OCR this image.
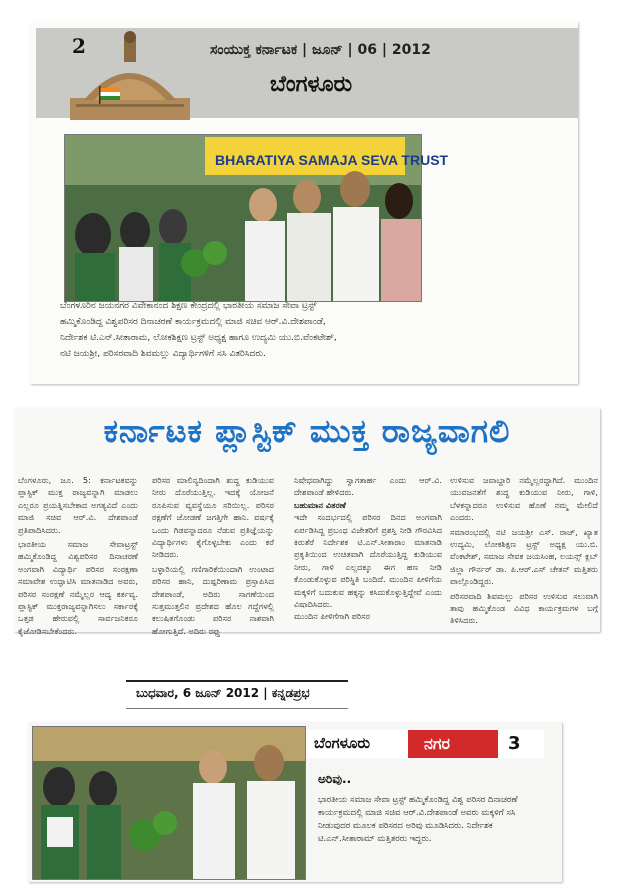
2	ಸಂಯುಕ್ತ ಕರ್ನಾಟಕ | ಜೂನ್ | 06 | 2012
ಬೆಂಗಳೂರು
BHARATIYA SAMAJA SEVA TRUST
ಬೆಂಗಳೂರಿನ ಜಯನಗರ ವಿವೇಕಾನಂದ ಶಿಕ್ಷಣ ಕೇಂದ್ರದಲ್ಲಿ ಭಾರತೀಯ ಸಮಾಜ ಸೇವಾ ಟ್ರಸ್ಟ್
ಹಮ್ಮಿಕೊಂಡಿದ್ದ ವಿಶ್ವಪರಿಸರ ದಿನಾಚರಣೆ ಕಾರ್ಯಕ್ರಮದಲ್ಲಿ ಮಾಜಿ ಸಚಿವ ಆರ್.ವಿ.ದೇಶಪಾಂಡೆ,
ನಿರ್ದೇಶಕ ಟಿ.ಎನ್.ಸೀತಾರಾಮ, ಲೋಕಶಿಕ್ಷಣ ಟ್ರಸ್ಟ್ ಅಧ್ಯಕ್ಷ ಹಾಗೂ ಉದ್ಯಮಿ ಯು.ಬಿ.ವೆಂಕಟೇಶ್,
ನಟಿ ಜಯಶ್ರೀ, ಪರಿಸರವಾದಿ ಶಿವಮಲ್ಲು ವಿದ್ಯಾರ್ಥಿಗಳಿಗೆ ಸಸಿ ವಿತರಿಸಿದರು.
ಕರ್ನಾಟಕ ಪ್ಲಾಸ್ಟಿಕ್ ಮುಕ್ತ ರಾಜ್ಯವಾಗಲಿ

ಬೆಂಗಳೂರು, ಜೂ. 5: ಕರ್ನಾಟಕವನ್ನು ಪ್ಲಾಸ್ಟಿಕ್ ಮುಕ್ತ ರಾಜ್ಯವನ್ನಾಗಿ ಮಾಡಲು ಎಲ್ಲರೂ ಪ್ರಯತ್ನಿಸಬೇಕಾದ ಅಗತ್ಯವಿದೆ ಎಂದು ಮಾಜಿ ಸಚಿವ ಆರ್.ವಿ. ದೇಶಪಾಂಡೆ ಪ್ರತಿಪಾದಿಸಿದರು.

ಭಾರತೀಯ ಸಮಾಜ ಸೇವಾಟ್ರಸ್ಟ್ ಹಮ್ಮಿಕೊಂಡಿದ್ದ ವಿಶ್ವಪರಿಸರ ದಿನಾಚರಣೆ ಅಂಗವಾಗಿ ವಿದ್ಯಾರ್ಥಿ ಪರಿಸರ ಸಂರಕ್ಷಣಾ ಸಮಾವೇಶ ಉದ್ಘಾಟಿಸಿ ಮಾತನಾಡಿದ ಅವರು, ಪರಿಸರ ಸಂರಕ್ಷಣೆ ನಮ್ಮೆಲ್ಲರ ಆದ್ಯ ಕರ್ತವ್ಯ. ಪ್ಲಾಸ್ಟಿಕ್ ಮುಕ್ತರಾಜ್ಯವನ್ನಾಗಿಸಲು ಸರ್ಕಾರಕ್ಕೆ ಒತ್ತಡ ಹೇರುವಲ್ಲಿ ಸಾರ್ವಜನಿಕರೂ ಕೈಜೋಡಿಸಬೇಕೆಂದರು.

ಪರಿಸರ ಮಾಲಿನ್ಯದಿಂದಾಗಿ ಶುದ್ಧ ಕುಡಿಯುವ ನೀರು ದೊರೆಯುತ್ತಿಲ್ಲ. ಇದಕ್ಕೆ ಯೋಜನೆ ರೂಪಿಸುವ ವ್ಯವಸ್ಥೆಯೂ ಸರಿಯಿಲ್ಲ. ಪರಿಸರ ರಕ್ಷಣೆಗೆ ಜೋಡಣೆ ಜಗತ್ತಿಗೇ ಹಾನಿ. ವರ್ಷಕ್ಕೆ ಒಂದು ಗಿಡವನ್ನಾದರೂ ನೆಡುವ ಪ್ರತಿಜ್ಞೆಯನ್ನು ವಿದ್ಯಾರ್ಥಿಗಳು ಕೈಗೊಳ್ಳಬೇಕು ಎಂದು ಕರೆ ನೀಡಿದರು.

ಬಳ್ಳಾರಿಯಲ್ಲಿ ಗಣಿಗಾರಿಕೆಯಿಂದಾಗಿ ಉಂಟಾದ ಪರಿಸರ ಹಾನಿ, ದುಷ್ಪರಿಣಾಮ ಪ್ರಸ್ತಾಪಿಸಿದ ದೇಶಪಾಂಡೆ, ಅದಿರು ಸಾಗಣೆಯಿಂದ ಸುತ್ತಮುತ್ತಲಿನ ಪ್ರದೇಶದ ಹೊಲ ಗದ್ದೆಗಳಲ್ಲಿ ಕಲುಷಿತಗೊಂಡು ಪರಿಸರ ನಾಶವಾಗಿ ಹೋಗುತ್ತಿದೆ. ಅದಿರು ರಫ್ತು

ನಿಷೇಧವಾಗಿದ್ದು ಸ್ವಾಗತಾರ್ಹ ಎಂದು ಆರ್.ವಿ. ದೇಶಪಾಂಡೆ ಹೇಳಿದರು.

ಬಹುಮಾನ ವಿತರಣೆ

ಇದೇ ಸಂದರ್ಭದಲ್ಲಿ ಪರಿಸರ ದಿನದ ಅಂಗವಾಗಿ ಏರ್ಪಡಿಸಿದ್ದ ಪ್ರಬಂಧ ವಿಜೇತರಿಗೆ ಪ್ರಶಸ್ತಿ ನೀಡಿ ಗೌರವಿಸಿದ ಕಿರುತೆರೆ ನಿರ್ದೇಶಕ ಟಿ.ಎನ್.ಸೀತಾರಾಂ ಮಾತನಾಡಿ ಪ್ರಕೃತಿಯಿಂದ ಉಚಿತವಾಗಿ ದೊರೆಯುತ್ತಿದ್ದ ಕುಡಿಯುವ ನೀರು, ಗಾಳಿ ಎಲ್ಲದಕ್ಕೂ ಈಗ ಹಣ ನೀಡಿ ಕೊಂಡುಕೊಳ್ಳುವ ಪರಿಸ್ಥಿತಿ ಬಂದಿದೆ. ಮುಂದಿನ ಪೀಳಿಗೆಯ ಮಕ್ಕಳಿಗೆ ಬದುಕುವ ಹಕ್ಕನ್ನು ಕಸಿದುಕೊಳ್ಳುತ್ತಿದ್ದೇವೆ ಎಂದು ವಿಷಾದಿಸಿದರು.

ಮುಂದಿನ ಪೀಳಿಗೆಗಾಗಿ ಪರಿಸರ

ಉಳಿಸುವ ಜವಾಬ್ದಾರಿ ನಮ್ಮೆಲ್ಲರದ್ದಾಗಿದೆ. ಮುಂದಿನ ಯುವಜನತೆಗೆ ಶುದ್ಧ ಕುಡಿಯುವ ನೀರು, ಗಾಳಿ, ಬೆಳಕನ್ನಾದರೂ ಉಳಿಸುವ ಹೊಣೆ ನಮ್ಮ ಮೇಲಿದೆ ಎಂದರು.

ಸಮಾರಂಭದಲ್ಲಿ ನಟಿ ಜಯಶ್ರೀ ಎಸ್. ರಾಜ್, ಖ್ಯಾತ ಉದ್ಯಮಿ, ಲೋಕಶಿಕ್ಷಣ ಟ್ರಸ್ಟ್ ಅಧ್ಯಕ್ಷ ಯು.ಬಿ. ವೆಂಕಟೇಶ್, ಸಮಾಜ ಸೇವಕ ಜಯಸಿಂಹ, ಲಯನ್ಸ್ ಕ್ಲಬ್ ಜಿಲ್ಲಾ ಗೌರ್ನರ್ ಡಾ. ಪಿ.ಆರ್.ಎಸ್ ಚೇತನ್ ಮತ್ತಿತರು ಪಾಲ್ಗೊಂಡಿದ್ದರು.

ಪರಿಸರವಾದಿ ಶಿವಮಲ್ಲು ಪರಿಸರ ಉಳಿಸುವ ಸಲುವಾಗಿ ತಾವು ಹಮ್ಮಿಕೊಂಡ ವಿವಿಧ ಕಾರ್ಯಕ್ರಮಗಳ ಬಗ್ಗೆ ತಿಳಿಸಿದರು.

ಬುಧವಾರ, 6 ಜೂನ್ 2012 | ಕನ್ನಡಪ್ರಭ
ಬೆಂಗಳೂರು	ನಗರ	3
ಅರಿವು..
ಭಾರತೀಯ ಸಮಾಜ ಸೇವಾ ಟ್ರಸ್ಟ್ ಹಮ್ಮಿಕೊಂಡಿದ್ದ ವಿಶ್ವ ಪರಿಸರ ದಿನಾಚರಣೆ ಕಾರ್ಯಕ್ರಮದಲ್ಲಿ ಮಾಜಿ ಸಚಿವ ಆರ್.ವಿ.ದೇಶಪಾಂಡೆ ಅವರು ಮಕ್ಕಳಿಗೆ ಸಸಿ ನೀಡುವುದರ ಮೂಲಕ ಪರಿಸರದ ಅರಿವು ಮೂಡಿಸಿದರು. ನಿರ್ದೇಶಕ ಟಿ.ಎನ್.ಸೀತಾರಾಮ್ ಮತ್ತಿತರರು ಇದ್ದರು.
